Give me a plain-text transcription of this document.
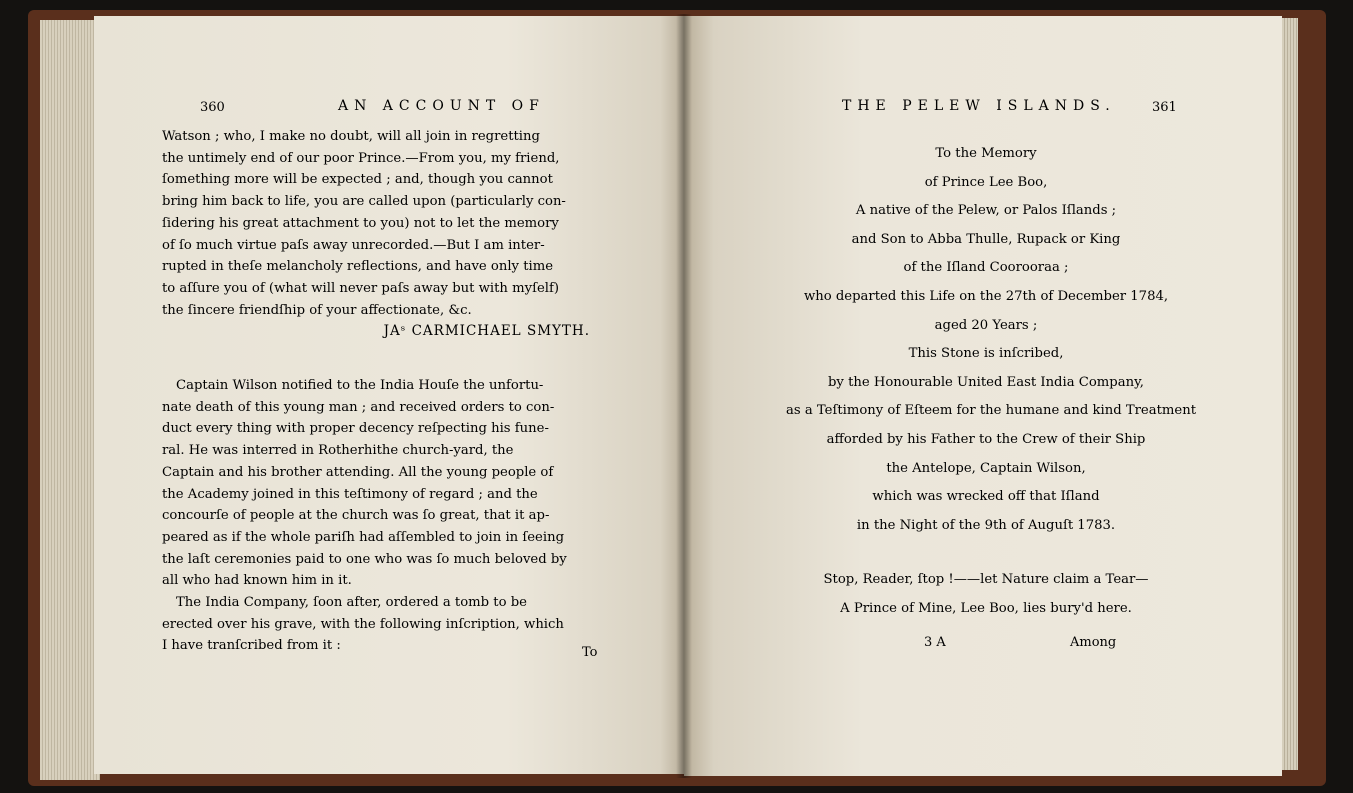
360	AN ACCOUNT OF

Watson ; who, I make no doubt, will all join in regretting
the untimely end of our poor Prince.—From you, my friend,
ſomething more will be expected ; and, though you cannot
bring him back to life, you are called upon (particularly con-
ſidering his great attachment to you) not to let the memory
of ſo much virtue paſs away unrecorded.—But I am inter-
rupted in theſe melancholy reflections, and have only time
to aſſure you of (what will never paſs away but with myſelf)
the ſincere friendſhip of your affectionate, &c.

JAˢ CARMICHAEL SMYTH.

Captain Wilson notified to the India Houſe the unfortu-
nate death of this young man ; and received orders to con-
duct every thing with proper decency reſpecting his fune-
ral. He was interred in Rotherhithe church-yard, the
Captain and his brother attending. All the young people of
the Academy joined in this teſtimony of regard ; and the
concourſe of people at the church was ſo great, that it ap-
peared as if the whole pariſh had aſſembled to join in ſeeing
the laſt ceremonies paid to one who was ſo much beloved by
all who had known him in it.

The India Company, ſoon after, ordered a tomb to be
erected over his grave, with the following inſcription, which
I have tranſcribed from it :	To
THE PELEW ISLANDS.	361
To the Memory
of Prince Lee Boo,
A native of the Pelew, or Palos Iſlands ;
and Son to Abba Thulle, Rupack or King
of the Iſland Coorooraa ;
who departed this Life on the 27th of December 1784,
aged 20 Years ;
This Stone is inſcribed,
by the Honourable United East India Company,
as a Teſtimony of Eſteem for the humane and kind Treatment
afforded by his Father to the Crew of their Ship
the Antelope, Captain Wilson,
which was wrecked off that Iſland
in the Night of the 9th of Auguſt 1783.
Stop, Reader, ſtop !——let Nature claim a Tear—
A Prince of Mine, Lee Boo, lies bury'd here.
3 A	Among
